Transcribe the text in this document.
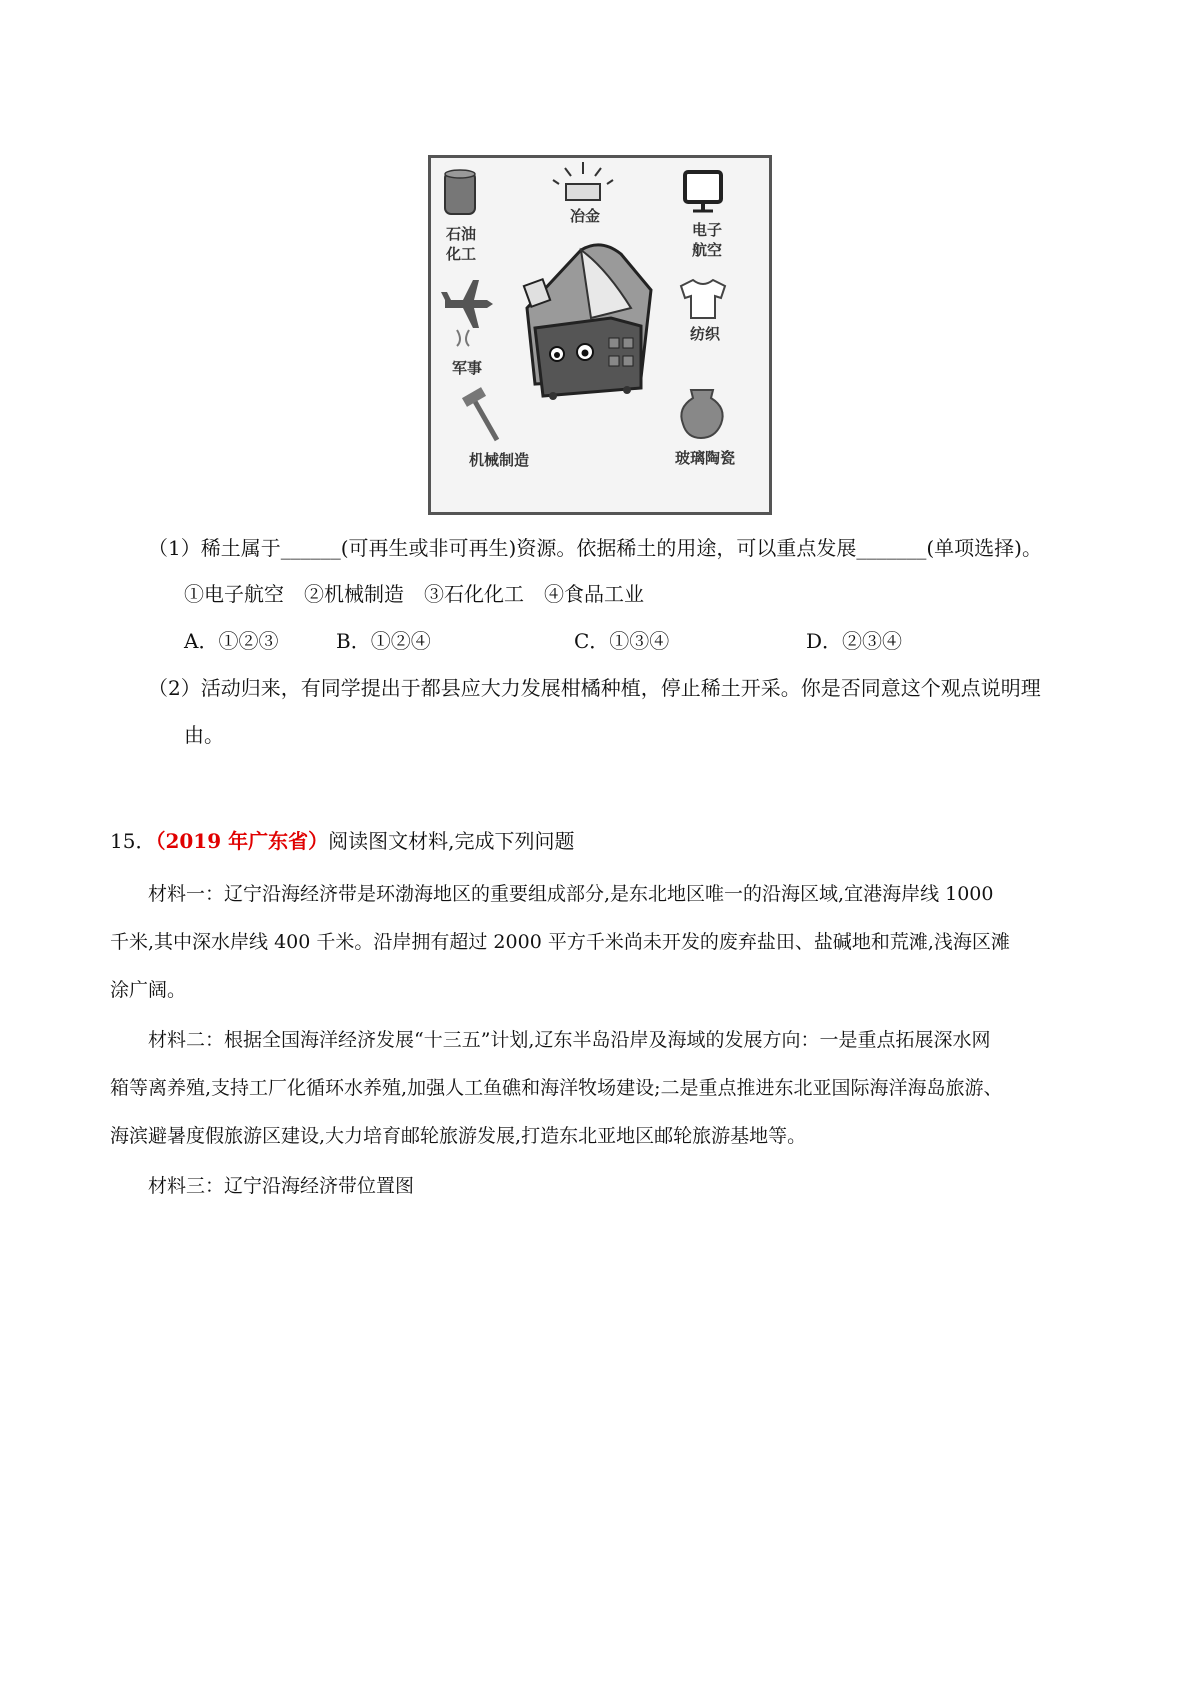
石油
化工
冶金
电子
航空
军事
纺织
机械制造	玻璃陶瓷
（1）稀土属于______(可再生或非可再生)资源。依据稀土的用途，可以重点发展_______(单项选择)。
①电子航空　②机械制造　③石化化工　④食品工业
A．①②③	B．①②④	C．①③④	D．②③④
（2）活动归来，有同学提出于都县应大力发展柑橘种植，停止稀土开采。你是否同意这个观点说明理
由。
15．（2019 年广东省）阅读图文材料,完成下列问题
材料一：辽宁沿海经济带是环渤海地区的重要组成部分,是东北地区唯一的沿海区域,宜港海岸线 1000
千米,其中深水岸线 400 千米。沿岸拥有超过 2000 平方千米尚未开发的废弃盐田、盐碱地和荒滩,浅海区滩
涂广阔。
材料二：根据全国海洋经济发展“十三五”计划,辽东半岛沿岸及海域的发展方向：一是重点拓展深水网
箱等离养殖,支持工厂化循环水养殖,加强人工鱼礁和海洋牧场建设;二是重点推进东北亚国际海洋海岛旅游、
海滨避暑度假旅游区建设,大力培育邮轮旅游发展,打造东北亚地区邮轮旅游基地等。
材料三：辽宁沿海经济带位置图
